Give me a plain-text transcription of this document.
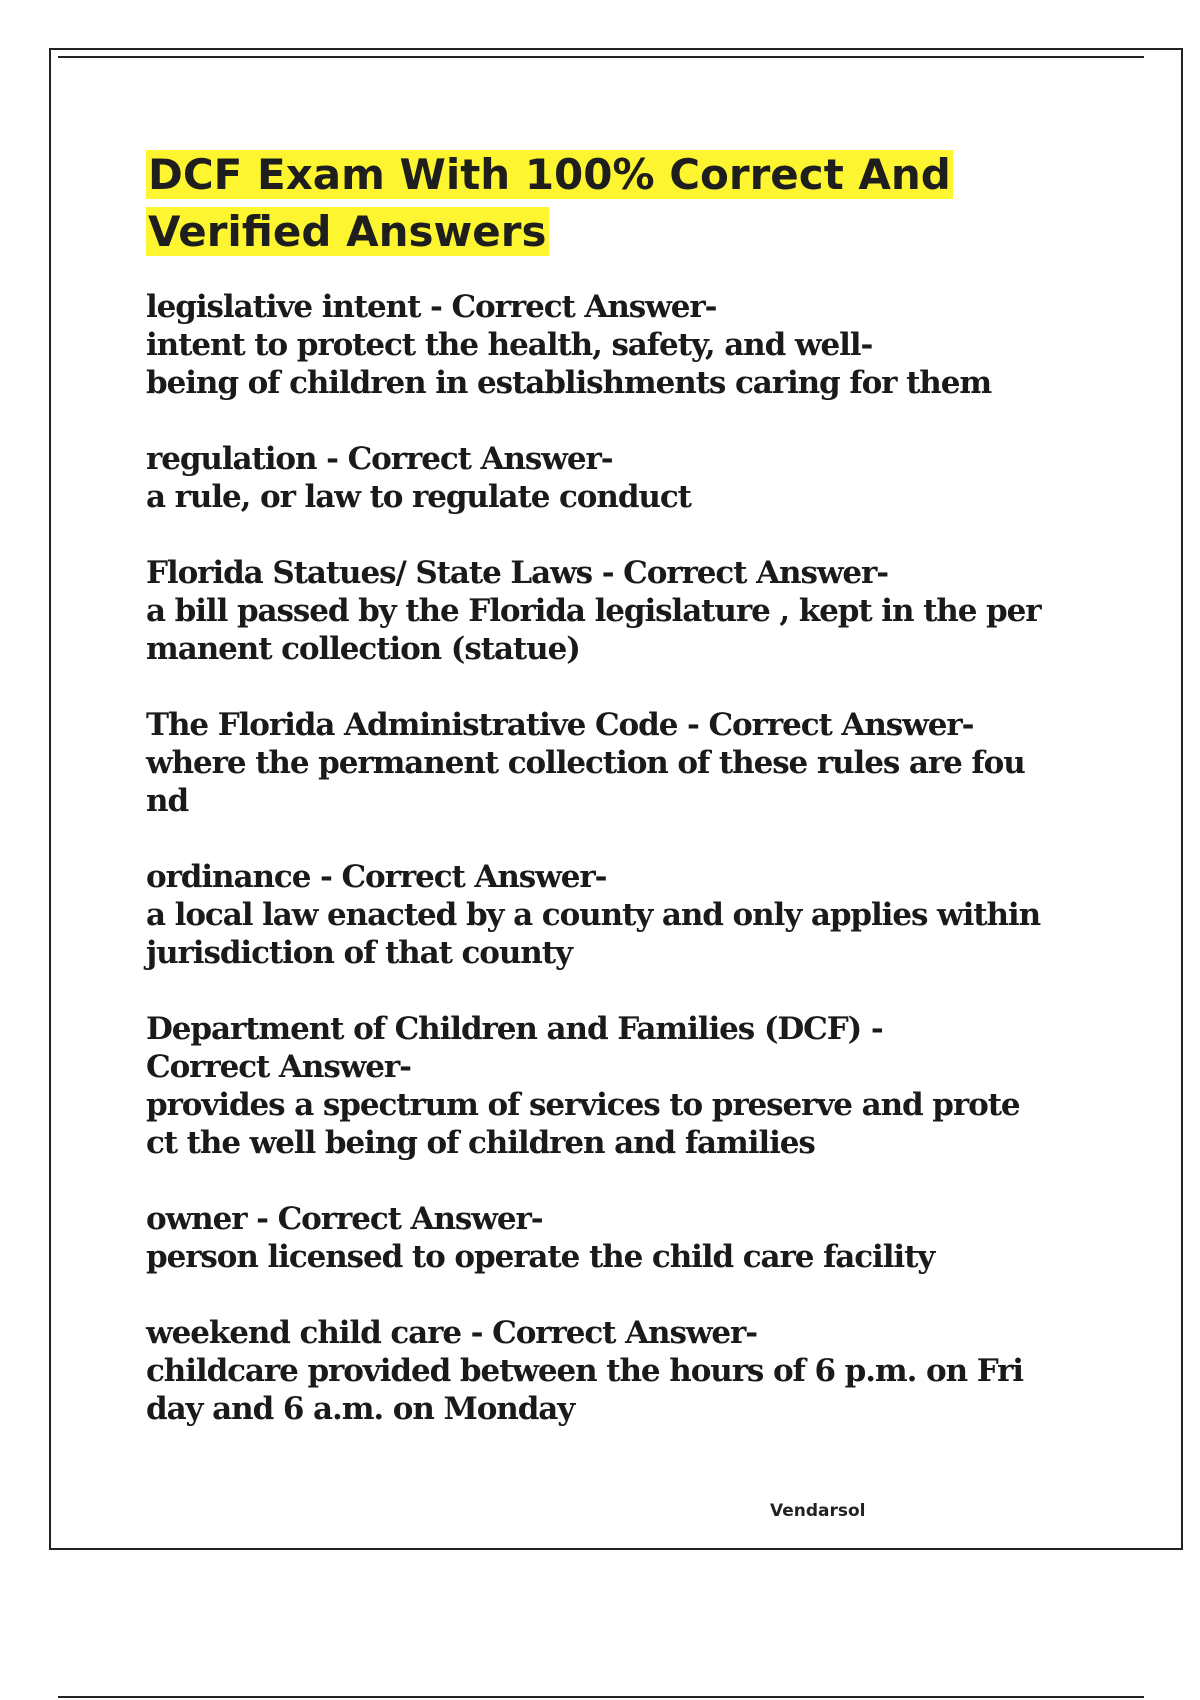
DCF Exam With 100% Correct And
Verified Answers
legislative intent - Correct Answer-
intent to protect the health, safety, and well-
being of children in establishments caring for them
regulation - Correct Answer-
a rule, or law to regulate conduct
Florida Statues/ State Laws - Correct Answer-
a bill passed by the Florida legislature , kept in the per
manent collection (statue)
The Florida Administrative Code - Correct Answer-
where the permanent collection of these rules are fou
nd
ordinance - Correct Answer-
a local law enacted by a county and only applies within
jurisdiction of that county
Department of Children and Families (DCF) -
Correct Answer-
provides a spectrum of services to preserve and prote
ct the well being of children and families
owner - Correct Answer-
person licensed to operate the child care facility
weekend child care - Correct Answer-
childcare provided between the hours of 6 p.m. on Fri
day and 6 a.m. on Monday
Vendarsol
